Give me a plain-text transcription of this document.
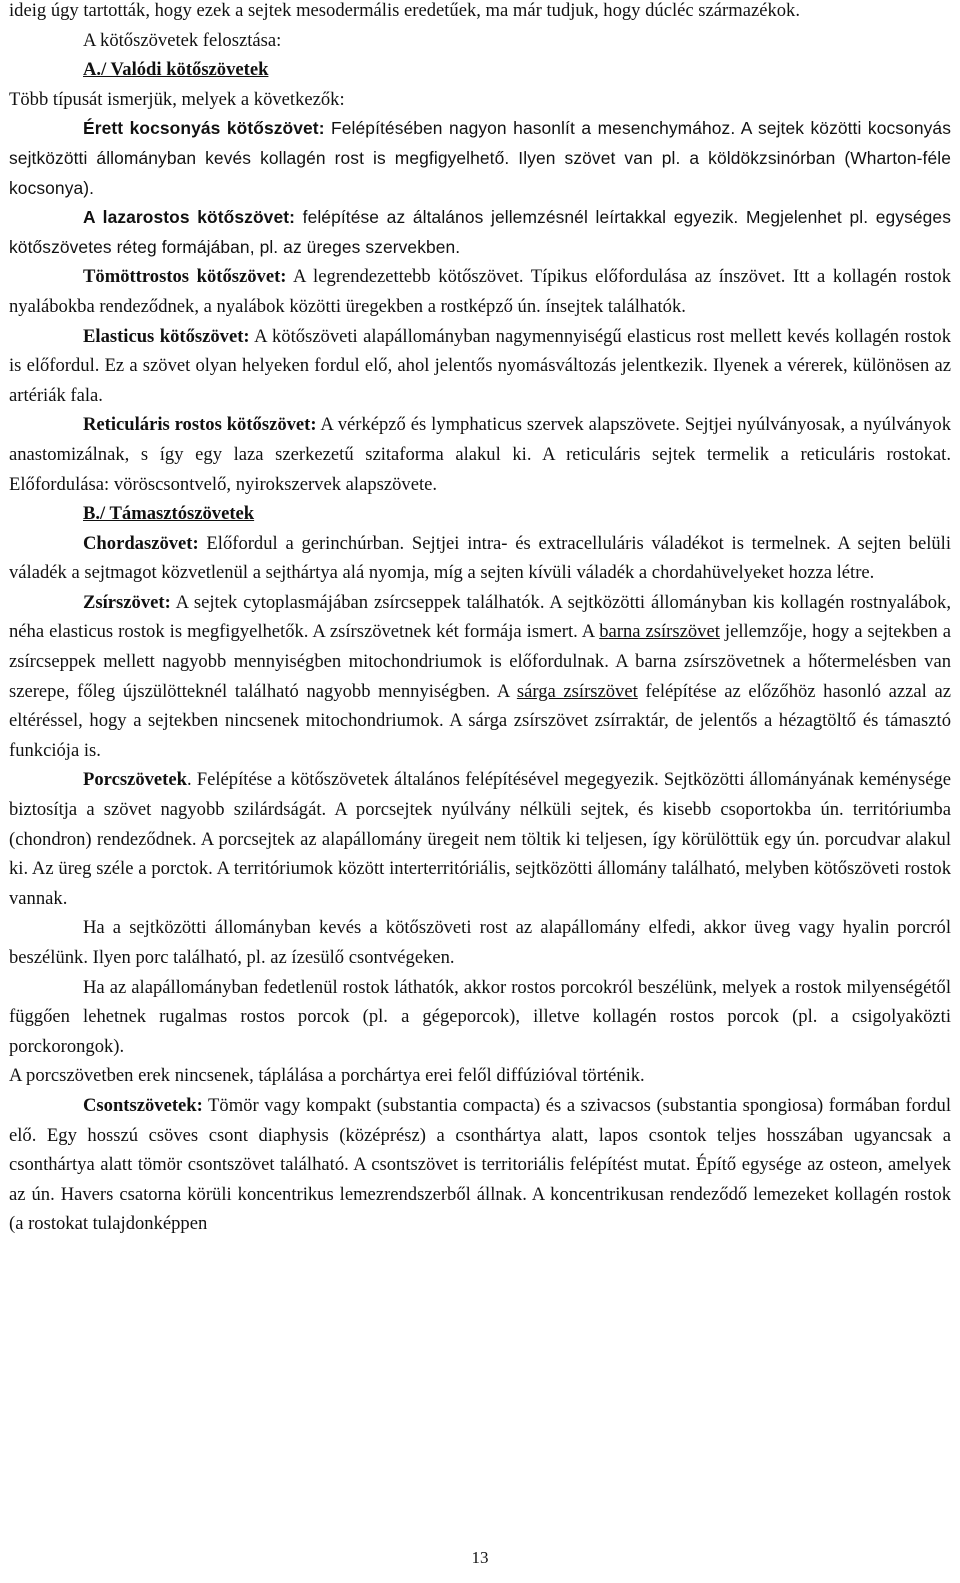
ideig úgy tartották, hogy ezek a sejtek mesodermális eredetűek, ma már tudjuk, hogy dúcléc származékok.

A kötőszövetek felosztása:

A./ Valódi kötőszövetek

Több típusát ismerjük, melyek a következők:

Érett kocsonyás kötőszövet: Felépítésében nagyon hasonlít a mesenchymához. A sejtek közötti kocsonyás sejtközötti állományban kevés kollagén rost is megfigyelhető. Ilyen szövet van pl. a köldökzsinórban (Wharton-féle kocsonya).

A lazarostos kötőszövet: felépítése az általános jellemzésnél leírtakkal egyezik. Megjelenhet pl. egységes kötőszövetes réteg formájában, pl. az üreges szervekben.

Tömöttrostos kötőszövet: A legrendezettebb kötőszövet. Típikus előfordulása az ínszövet. Itt a kollagén rostok nyalábokba rendeződnek, a nyalábok közötti üregekben a rostképző ún. ínsejtek találhatók.

Elasticus kötőszövet: A kötőszöveti alapállományban nagymennyiségű elasticus rost mellett kevés kollagén rostok is előfordul. Ez a szövet olyan helyeken fordul elő, ahol jelentős nyomásváltozás jelentkezik. Ilyenek a vérerek, különösen az artériák fala.

Reticuláris rostos kötőszövet: A vérképző és lymphaticus szervek alapszövete. Sejtjei nyúlványosak, a nyúlványok anastomizálnak, s így egy laza szerkezetű szitaforma alakul ki. A reticuláris sejtek termelik a reticuláris rostokat. Előfordulása: vöröscsontvelő, nyirokszervek alapszövete.

B./ Támasztószövetek

Chordaszövet: Előfordul a gerinchúrban. Sejtjei intra- és extracelluláris váladékot is termelnek. A sejten belüli váladék a sejtmagot közvetlenül a sejthártya alá nyomja, míg a sejten kívüli váladék a chordahüvelyeket hozza létre.

Zsírszövet: A sejtek cytoplasmájában zsírcseppek találhatók. A sejtközötti állományban kis kollagén rostnyalábok, néha elasticus rostok is megfigyelhetők. A zsírszövetnek két formája ismert. A barna zsírszövet jellemzője, hogy a sejtekben a zsírcseppek mellett nagyobb mennyiségben mitochondriumok is előfordulnak. A barna zsírszövetnek a hőtermelésben van szerepe, főleg újszülötteknél található nagyobb mennyiségben. A sárga zsírszövet felépítése az előzőhöz hasonló azzal az eltéréssel, hogy a sejtekben nincsenek mitochondriumok. A sárga zsírszövet zsírraktár, de jelentős a hézagtöltő és támasztó funkciója is.

Porcszövetek. Felépítése a kötőszövetek általános felépítésével megegyezik. Sejtközötti állományának keménysége biztosítja a szövet nagyobb szilárdságát. A porcsejtek nyúlvány nélküli sejtek, és kisebb csoportokba ún. territóriumba (chondron) rendeződnek. A porcsejtek az alapállomány üregeit nem töltik ki teljesen, így körülöttük egy ún. porcudvar alakul ki. Az üreg széle a porctok. A territóriumok között interterritóriális, sejtközötti állomány található, melyben kötőszöveti rostok vannak.

Ha a sejtközötti állományban kevés a kötőszöveti rost az alapállomány elfedi, akkor üveg vagy hyalin porcról beszélünk. Ilyen porc található, pl. az ízesülő csontvégeken.

Ha az alapállományban fedetlenül rostok láthatók, akkor rostos porcokról beszélünk, melyek a rostok milyenségétől függően lehetnek rugalmas rostos porcok (pl. a gégeporcok), illetve kollagén rostos porcok (pl. a csigolyaközti porckorongok).

A porcszövetben erek nincsenek, táplálása a porchártya erei felől diffúzióval történik.

Csontszövetek: Tömör vagy kompakt (substantia compacta) és a szivacsos (substantia spongiosa) formában fordul elő. Egy hosszú csöves csont diaphysis (középrész) a csonthártya alatt, lapos csontok teljes hosszában ugyancsak a csonthártya alatt tömör csontszövet található. A csontszövet is territoriális felépítést mutat. Építő egysége az osteon, amelyek az ún. Havers csatorna körüli koncentrikus lemezrendszerből állnak. A koncentrikusan rendeződő lemezeket kollagén rostok (a rostokat tulajdonképpen

13
